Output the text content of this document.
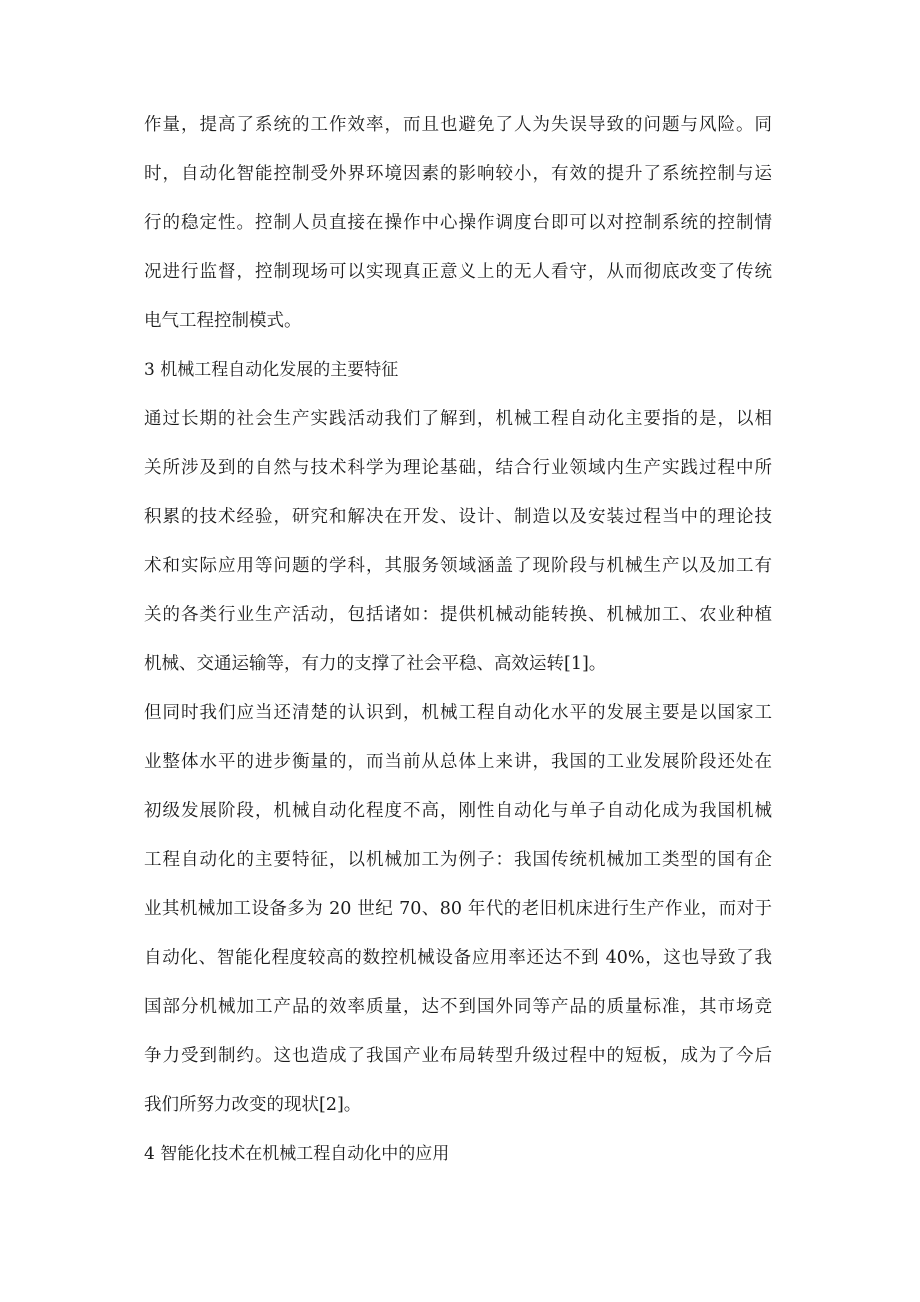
作量，提高了系统的工作效率，而且也避免了人为失误导致的问题与风险。同
时，自动化智能控制受外界环境因素的影响较小，有效的提升了系统控制与运
行的稳定性。控制人员直接在操作中心操作调度台即可以对控制系统的控制情
况进行监督，控制现场可以实现真正意义上的无人看守，从而彻底改变了传统
电气工程控制模式。
3 机械工程自动化发展的主要特征
通过长期的社会生产实践活动我们了解到，机械工程自动化主要指的是，以相
关所涉及到的自然与技术科学为理论基础，结合行业领域内生产实践过程中所
积累的技术经验，研究和解决在开发、设计、制造以及安装过程当中的理论技
术和实际应用等问题的学科，其服务领域涵盖了现阶段与机械生产以及加工有
关的各类行业生产活动，包括诸如：提供机械动能转换、机械加工、农业种植
机械、交通运输等，有力的支撑了社会平稳、高效运转[1]。
但同时我们应当还清楚的认识到，机械工程自动化水平的发展主要是以国家工
业整体水平的进步衡量的，而当前从总体上来讲，我国的工业发展阶段还处在
初级发展阶段，机械自动化程度不高，刚性自动化与单子自动化成为我国机械
工程自动化的主要特征，以机械加工为例子：我国传统机械加工类型的国有企
业其机械加工设备多为 20 世纪 70、80 年代的老旧机床进行生产作业，而对于
自动化、智能化程度较高的数控机械设备应用率还达不到 40%，这也导致了我
国部分机械加工产品的效率质量，达不到国外同等产品的质量标准，其市场竞
争力受到制约。这也造成了我国产业布局转型升级过程中的短板，成为了今后
我们所努力改变的现状[2]。
4 智能化技术在机械工程自动化中的应用
